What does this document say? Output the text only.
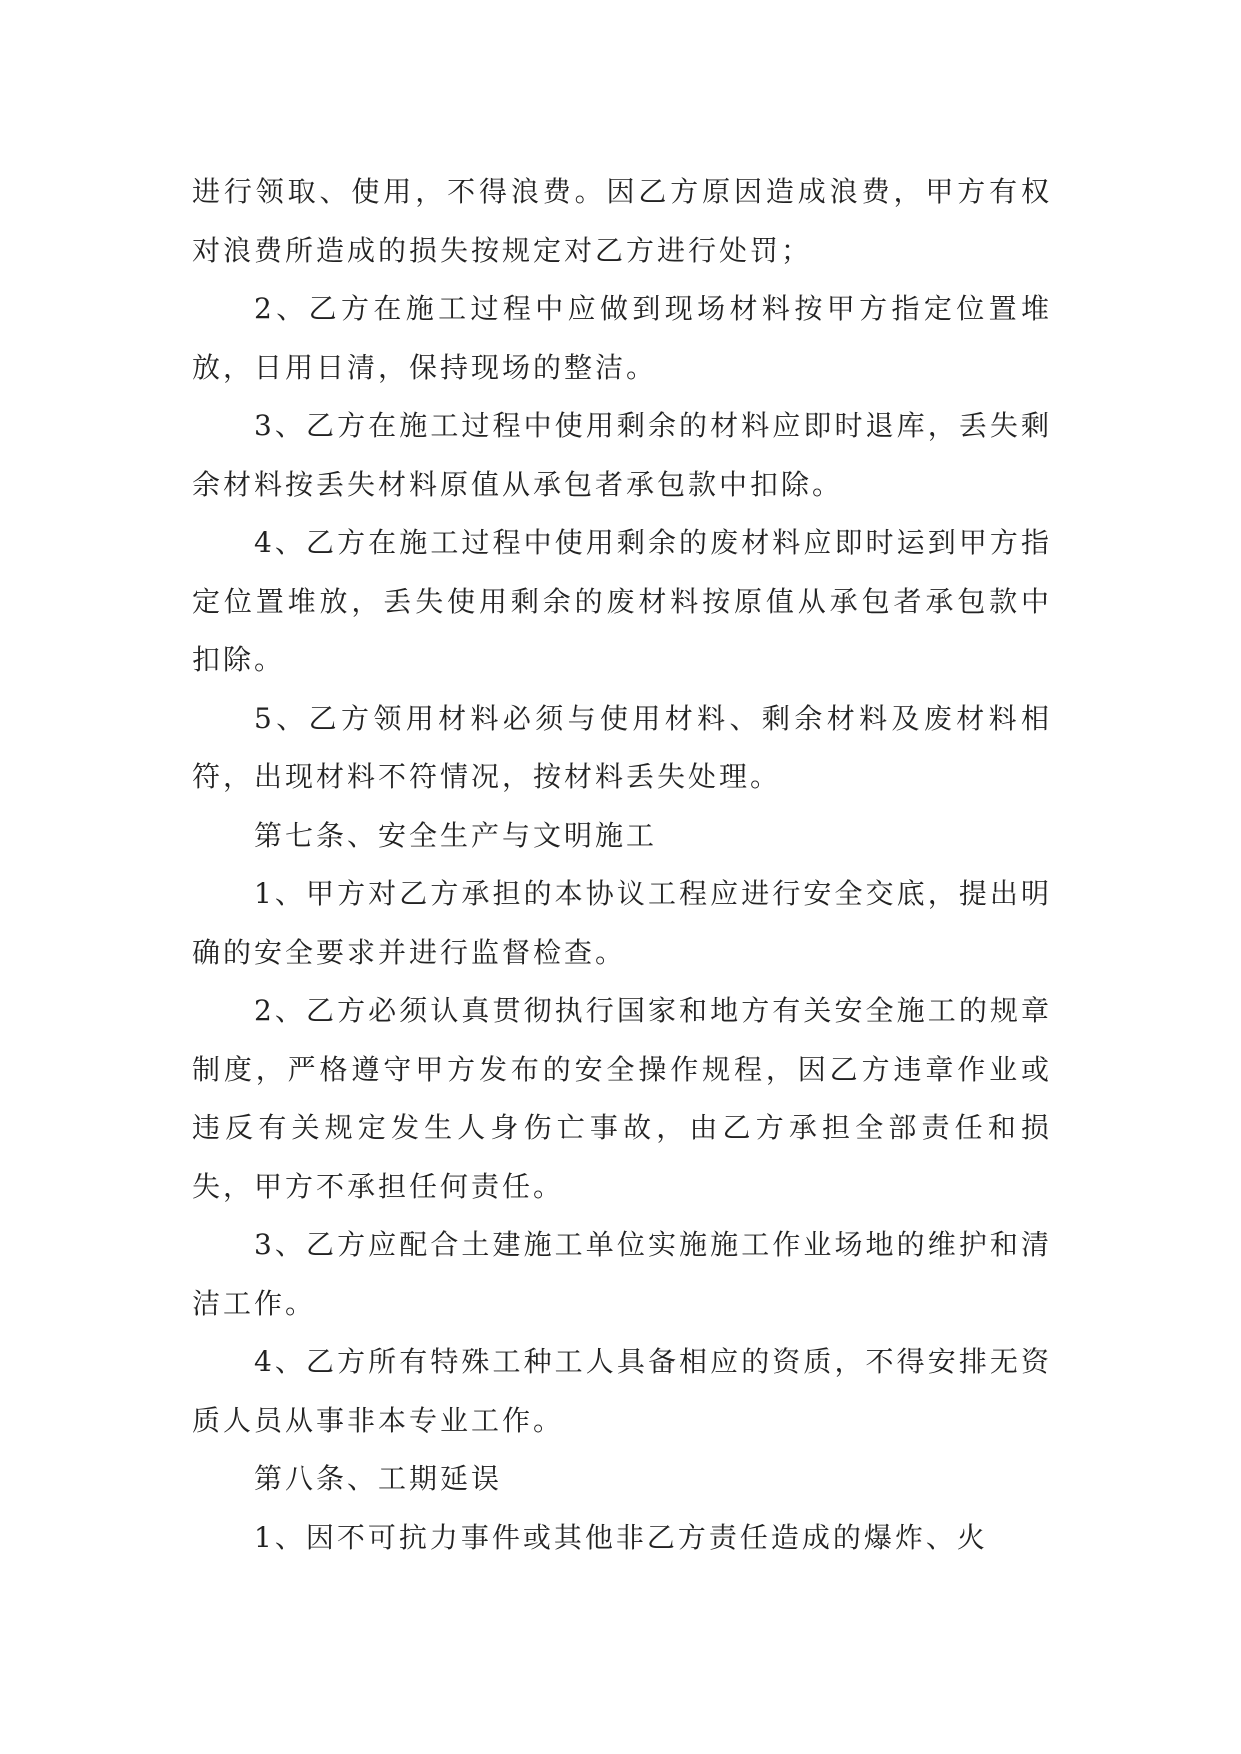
进行领取、使用，不得浪费。因乙方原因造成浪费，甲方有权对浪费所造成的损失按规定对乙方进行处罚；

2、乙方在施工过程中应做到现场材料按甲方指定位置堆放，日用日清，保持现场的整洁。

3、乙方在施工过程中使用剩余的材料应即时退库，丢失剩余材料按丢失材料原值从承包者承包款中扣除。

4、乙方在施工过程中使用剩余的废材料应即时运到甲方指定位置堆放，丢失使用剩余的废材料按原值从承包者承包款中扣除。

5、乙方领用材料必须与使用材料、剩余材料及废材料相符，出现材料不符情况，按材料丢失处理。

第七条、安全生产与文明施工

1、甲方对乙方承担的本协议工程应进行安全交底，提出明确的安全要求并进行监督检查。

2、乙方必须认真贯彻执行国家和地方有关安全施工的规章制度，严格遵守甲方发布的安全操作规程，因乙方违章作业或违反有关规定发生人身伤亡事故，由乙方承担全部责任和损失，甲方不承担任何责任。

3、乙方应配合土建施工单位实施施工作业场地的维护和清洁工作。

4、乙方所有特殊工种工人具备相应的资质，不得安排无资质人员从事非本专业工作。

第八条、工期延误

1、因不可抗力事件或其他非乙方责任造成的爆炸、火
